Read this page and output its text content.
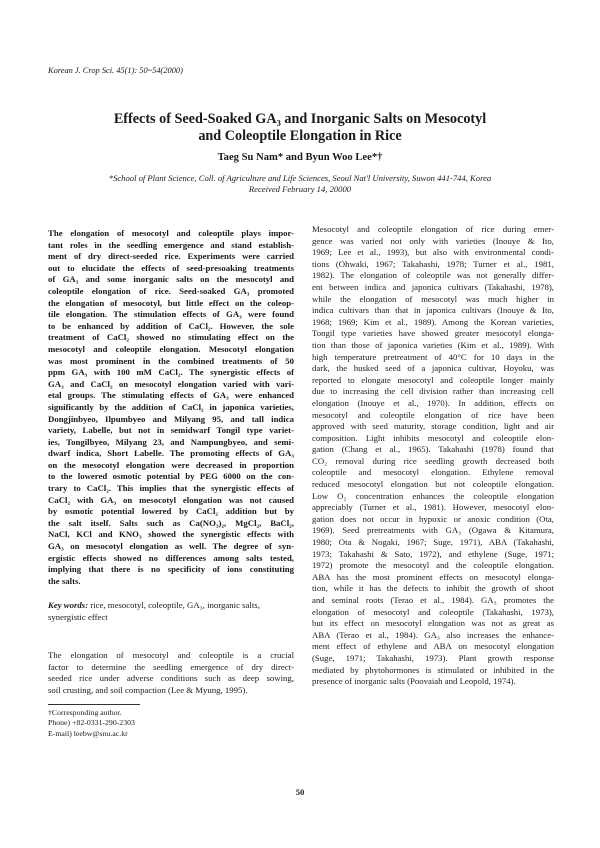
Korean J. Crop Sci. 45(1): 50~54(2000)
Effects of Seed-Soaked GA₃ and Inorganic Salts on Mesocotyl
and Coleoptile Elongation in Rice
Taeg Su Nam* and Byun Woo Lee*†
*School of Plant Science, Coll. of Agriculture and Life Sciences, Seoul Nat'l University, Suwon 441-744, Korea
Received February 14, 20000
The elongation of mesocotyl and coleoptile plays impor-
tant roles in the seedling emergence and stand establish-
ment of dry direct-seeded rice. Experiments were carried
out to elucidate the effects of seed-presoaking treatments
of GA₃ and some inorganic salts on the mesocotyl and
coleoptile elongation of rice. Seed-soaked GA₃ promoted
the elongation of mesocotyl, but little effect on the coleop-
tile elongation. The stimulation effects of GA₃ were found
to be enhanced by addition of CaCl₂. However, the sole
treatment of CaCl₂ showed no stimulating effect on the
mesocotyl and coleoptile elongation. Mesocotyl elongation
was most prominent in the combined treatments of 50
ppm GA₃ with 100 mM CaCl₂. The synergistic effects of
GA₃ and CaCl₂ on mesocotyl elongation varied with vari-
etal groups. The stimulating effects of GA₃ were enhanced
significantly by the addition of CaCl₂ in japonica varieties,
Dongjinbyeo, Ilpumbyeo and Milyang 95, and tall indica
variety, Labelle, but not in semidwarf Tongil type variet-
ies, Tongilbyeo, Milyang 23, and Nampungbyeo, and semi-
dwarf indica, Short Labelle. The promoting effects of GA₃
on the mesocotyl elongation were decreased in proportion
to the lowered osmotic potential by PEG 6000 on the con-
trary to CaCl₂. This implies that the synergistic effects of
CaCl₂ with GA₃ on mesocotyl elongation was not caused
by osmotic potential lowered by CaCl₂ addition but by
the salt itself. Salts such as Ca(NO₃)₂, MgCl₂, BaCl₂,
NaCl, KCl and KNO₃ showed the synergistic effects with
GA₃ on mesocotyl elongation as well. The degree of syn-
ergistic effects showed no differences among salts tested,
implying that there is no specificity of ions constituting
the salts.
Key words: rice, mesocotyl, coleoptile, GA₃, inorganic salts,
synergistic effect
The elongation of mesocotyl and coleoptile is a crucial
factor to determine the seedling emergence of dry direct-
seeded rice under adverse conditions such as deep sowing,
soil crusting, and soil compaction (Lee & Myung, 1995).
†Corresponding author.
Phone) +82-0331-290-2303
E-mail) leebw@snu.ac.kr
Mesocotyl and coleoptile elongation of rice during emer-
gence was varied not only with varieties (Inouye & Ito,
1969; Lee et al., 1993), but also with environmental condi-
tions (Ohwaki, 1967; Takahashi, 1978; Turner et al., 1981,
1982). The elongation of coleoptile was not generally differ-
ent between indica and japonica cultivars (Takahashi, 1978),
while the elongation of mesocotyl was much higher in
indica cultivars than that in japonica cultivars (Inouye & Ito,
1968; 1969; Kim et al., 1989). Among the Korean varieties,
Tongil type varieties have showed greater mesocotyl elonga-
tion than those of japonica varieties (Kim et al., 1989). With
high temperature pretreatment of 40°C for 10 days in the
dark, the husked seed of a japonica cultivar, Hoyoku, was
reported to elongate mesocotyl and coleoptile longer mainly
due to increasing the cell division rather than increasing cell
elongation (Inouye et al., 1970). In addition, effects on
mesocotyl and coleoptile elongation of rice have been
approved with seed maturity, storage condition, light and air
composition. Light inhibits mesocotyl and coleoptile elon-
gation (Chang et al., 1965). Takahashi (1978) found that
CO₂ removal during rice seedling growth decreased both
coleoptile and mesocotyl elongation. Ethylene removal
reduced mesocotyl elongation but not coleoptile elongation.
Low O₂ concentration enhances the coleoptile elongation
appreciably (Turner et al., 1981). However, mesocotyl elon-
gation does not occur in hypoxic or anoxic condition (Ota,
1969). Seed pretreatments with GA₃ (Ogawa & Kitamura,
1980; Ota & Nogaki, 1967; Suge, 1971), ABA (Takahashi,
1973; Takahashi & Sato, 1972), and ethylene (Suge, 1971;
1972) promote the mesocotyl and the coleoptile elongation.
ABA has the most prominent effects on mesocotyl elonga-
tion, while it has the defects to inhibit the growth of shoot
and seminal roots (Terao et al., 1984). GA₃ promotes the
elongation of mesocotyl and coleoptile (Takahashi, 1973),
but its effect on mesocotyl elongation was not as great as
ABA (Terao et al., 1984). GA₃ also increases the enhance-
ment effect of ethylene and ABA on mesocotyl elongation
(Suge, 1971; Takahashi, 1973). Plant growth response
mediated by phytohormones is stimulated or inhibited in the
presence of inorganic salts (Poovaiah and Leopold, 1974).
50
